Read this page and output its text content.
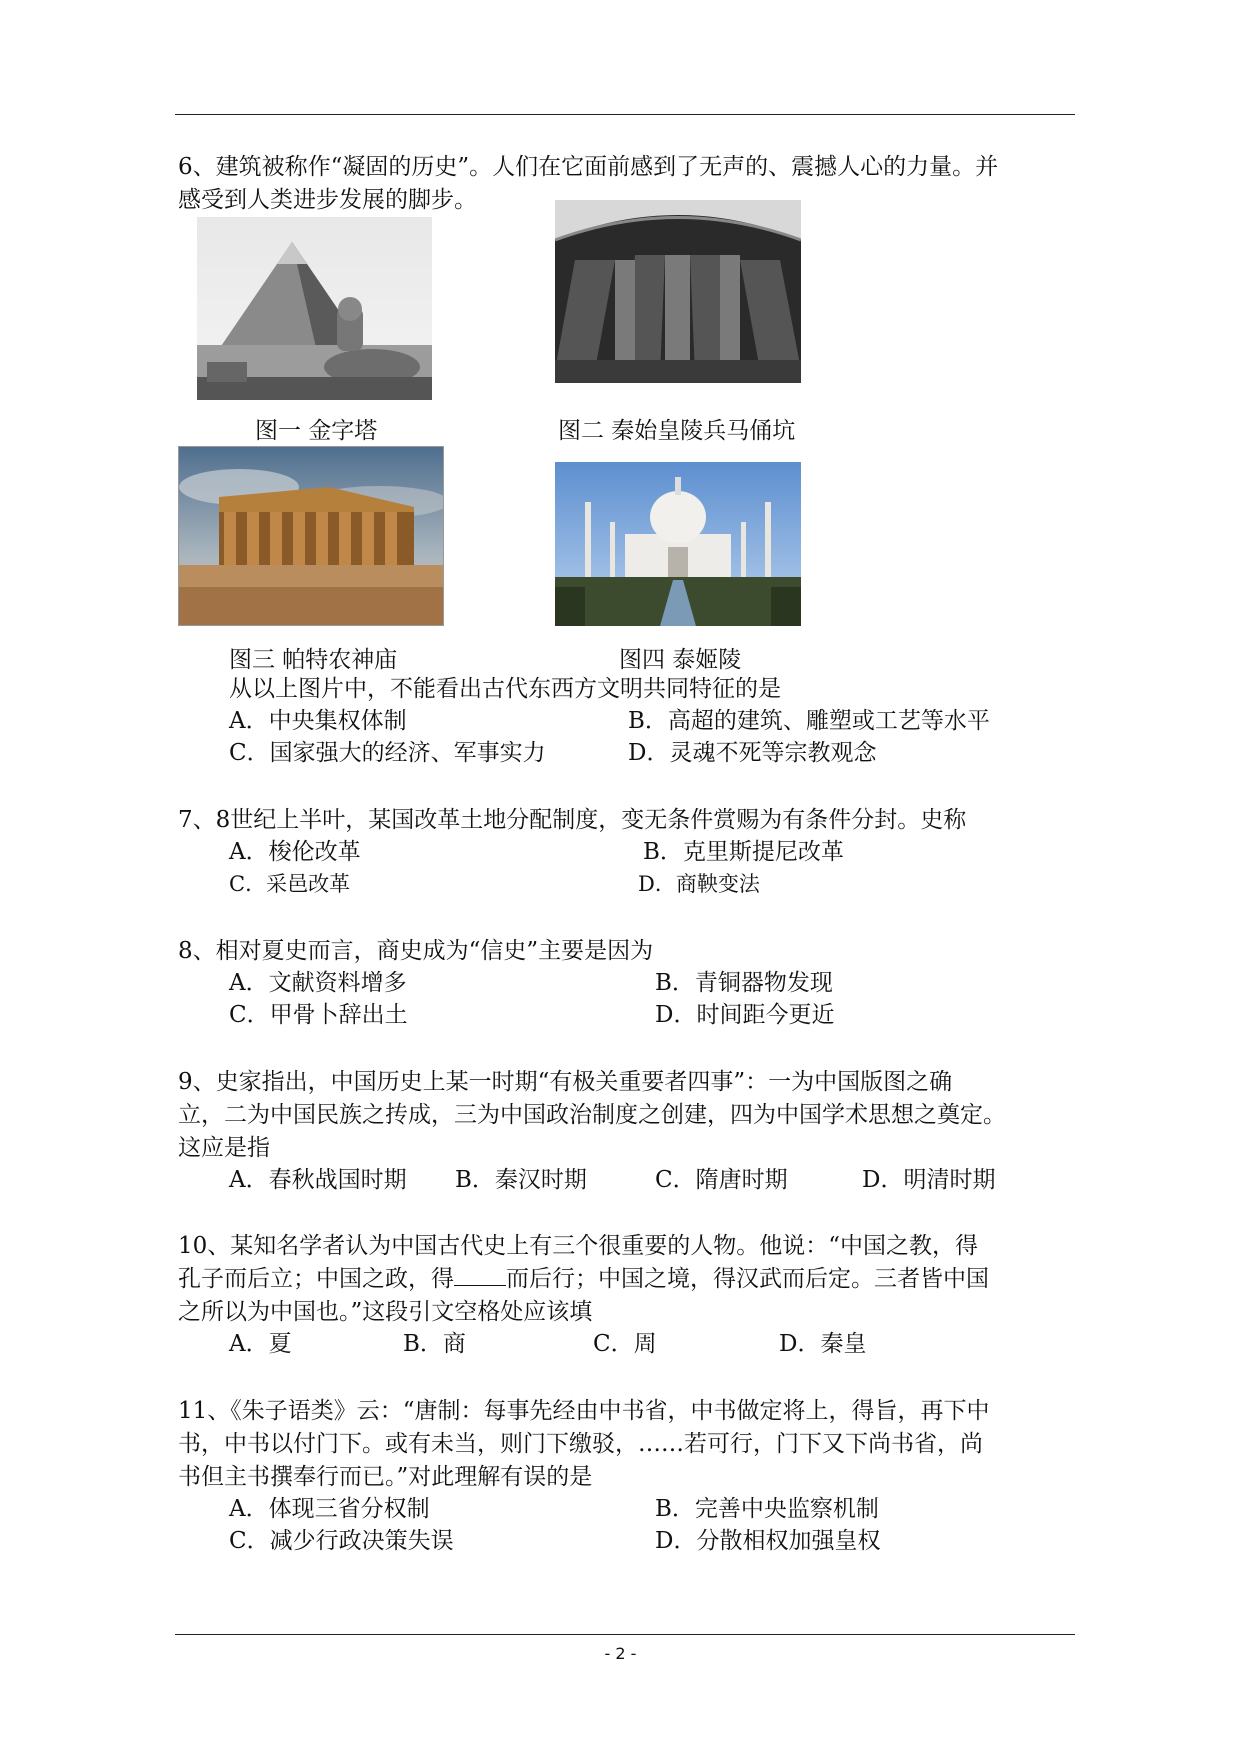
6、建筑被称作“凝固的历史”。人们在它面前感到了无声的、震撼人心的力量。并
感受到人类进步发展的脚步。
图一 金字塔	图二 秦始皇陵兵马俑坑
图三 帕特农神庙	图四 泰姬陵
从以上图片中，不能看出古代东西方文明共同特征的是
A．中央集权体制	B．高超的建筑、雕塑或工艺等水平
C．国家强大的经济、军事实力	D．灵魂不死等宗教观念
7、8世纪上半叶，某国改革土地分配制度，变无条件赏赐为有条件分封。史称
A．梭伦改革	B．克里斯提尼改革
C．采邑改革	D．商鞅变法
8、相对夏史而言，商史成为“信史”主要是因为
A．文献资料增多	B．青铜器物发现
C．甲骨卜辞出土	D．时间距今更近
9、史家指出，中国历史上某一时期“有极关重要者四事”：一为中国版图之确
立，二为中国民族之抟成，三为中国政治制度之创建，四为中国学术思想之奠定。
这应是指
A．春秋战国时期 B．秦汉时期	C．隋唐时期	D．明清时期
10、某知名学者认为中国古代史上有三个很重要的人物。他说：“中国之教，得
孔子而后立；中国之政，得 而后行；中国之境，得汉武而后定。三者皆中国
之所以为中国也。”这段引文空格处应该填
A．夏	B．商	C．周	D．秦皇
11、《朱子语类》云：“唐制：每事先经由中书省，中书做定将上，得旨，再下中
书，中书以付门下。或有未当，则门下缴驳，……若可行，门下又下尚书省，尚
书但主书撰奉行而已。”对此理解有误的是
A．体现三省分权制	B．完善中央监察机制
C．减少行政决策失误	D．分散相权加强皇权
- 2 -
